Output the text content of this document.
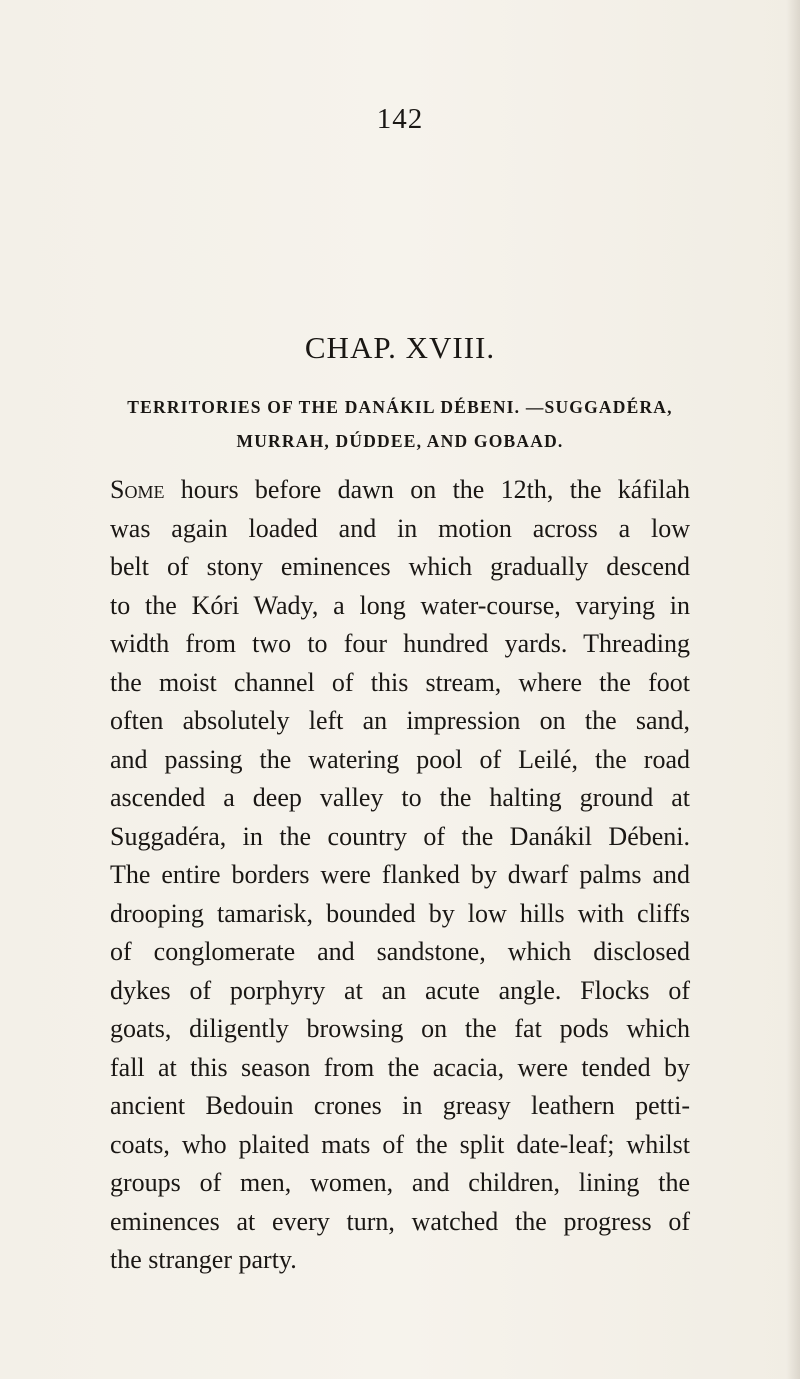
142
CHAP. XVIII.
TERRITORIES OF THE DANÁKIL DÉBENI. —SUGGADÉRA,
MURRAH, DÚDDEE, AND GOBAAD.
Some hours before dawn on the 12th, the káfilah
was again loaded and in motion across a low
belt of stony eminences which gradually descend
to the Kóri Wady, a long water-course, varying in
width from two to four hundred yards. Threading
the moist channel of this stream, where the foot
often absolutely left an impression on the sand,
and passing the watering pool of Leilé, the road
ascended a deep valley to the halting ground at
Suggadéra, in the country of the Danákil Débeni.
The entire borders were flanked by dwarf palms and
drooping tamarisk, bounded by low hills with cliffs
of conglomerate and sandstone, which disclosed
dykes of porphyry at an acute angle. Flocks of
goats, diligently browsing on the fat pods which
fall at this season from the acacia, were tended by
ancient Bedouin crones in greasy leathern petti-
coats, who plaited mats of the split date-leaf; whilst
groups of men, women, and children, lining the
eminences at every turn, watched the progress of
the stranger party.
